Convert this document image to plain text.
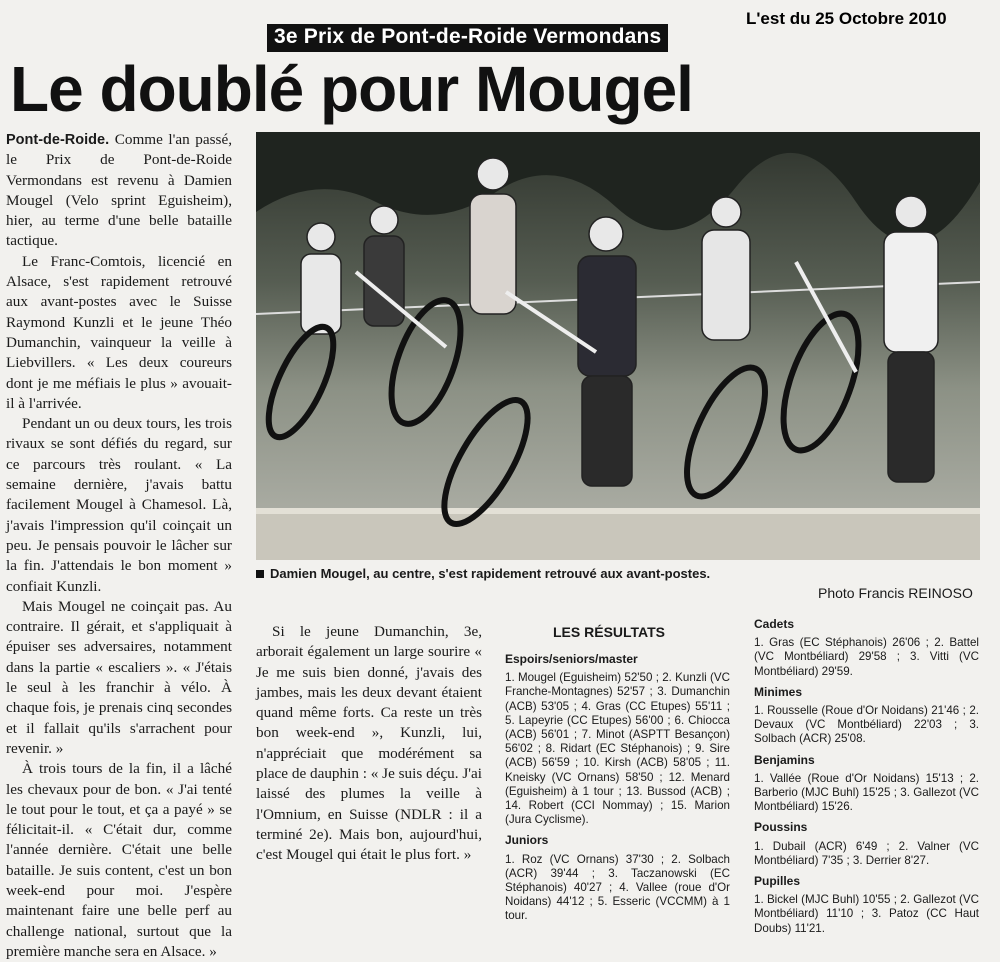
L'est du 25 Octobre 2010
3e Prix de Pont-de-Roide Vermondans
Le doublé pour Mougel

Pont-de-Roide. Comme l'an passé, le Prix de Pont-de-Roide Vermondans est revenu à Damien Mougel (Velo sprint Eguisheim), hier, au terme d'une belle bataille tactique.

Le Franc-Comtois, licencié en Alsace, s'est rapidement retrouvé aux avant-postes avec le Suisse Raymond Kunzli et le jeune Théo Dumanchin, vainqueur la veille à Liebvillers. « Les deux coureurs dont je me méfiais le plus » avouait-il à l'arrivée.

Pendant un ou deux tours, les trois rivaux se sont défiés du regard, sur ce parcours très roulant. « La semaine dernière, j'avais battu facilement Mougel à Chamesol. Là, j'avais l'impression qu'il coinçait un peu. Je pensais pouvoir le lâcher sur la fin. J'attendais le bon moment » confiait Kunzli.

Mais Mougel ne coinçait pas. Au contraire. Il gérait, et s'appliquait à épuiser ses adversaires, notamment dans la partie « escaliers ». « J'étais le seul à les franchir à vélo. À chaque fois, je prenais cinq secondes et il fallait qu'ils s'arrachent pour revenir. »

À trois tours de la fin, il a lâché les chevaux pour de bon. « J'ai tenté le tout pour le tout, et ça a payé » se félicitait-il. « C'était dur, comme l'année dernière. C'était une belle bataille. Je suis content, c'est un bon week-end pour moi. J'espère maintenant faire une belle perf au challenge national, surtout que la première manche sera en Alsace. »

Si le jeune Dumanchin, 3e, arborait également un large sourire « Je me suis bien donné, j'avais des jambes, mais les deux devant étaient quand même forts. Ca reste un très bon week-end », Kunzli, lui, n'appréciait que modérément sa place de dauphin : « Je suis déçu. J'ai laissé des plumes la veille à l'Omnium, en Suisse (NDLR : il a terminé 2e). Mais bon, aujourd'hui, c'est Mougel qui était le plus fort. »

Damien Mougel, au centre, s'est rapidement retrouvé aux avant-postes.
Photo Francis REINOSO
LES RÉSULTATS
Espoirs/seniors/master
1. Mougel (Eguisheim) 52'50 ; 2. Kunzli (VC Franche-Montagnes) 52'57 ; 3. Dumanchin (ACB) 53'05 ; 4. Gras (CC Etupes) 55'11 ; 5. Lapeyrie (CC Etupes) 56'00 ; 6. Chiocca (ACB) 56'01 ; 7. Minot (ASPTT Besançon) 56'02 ; 8. Ridart (EC Stéphanois) ; 9. Sire (ACB) 56'59 ; 10. Kirsh (ACB) 58'05 ; 11. Kneisky (VC Ornans) 58'50 ; 12. Menard (Eguisheim) à 1 tour ; 13. Bussod (ACB) ; 14. Robert (CCI Nommay) ; 15. Marion (Jura Cyclisme).
Juniors
1. Roz (VC Ornans) 37'30 ; 2. Solbach (ACR) 39'44 ; 3. Taczanowski (EC Stéphanois) 40'27 ; 4. Vallee (roue d'Or Noidans) 44'12 ; 5. Esseric (VCCMM) à 1 tour.
Cadets
1. Gras (EC Stéphanois) 26'06 ; 2. Battel (VC Montbéliard) 29'58 ; 3. Vitti (VC Montbéliard) 29'59.
Minimes
1. Rousselle (Roue d'Or Noidans) 21'46 ; 2. Devaux (VC Montbéliard) 22'03 ; 3. Solbach (ACR) 25'08.
Benjamins
1. Vallée (Roue d'Or Noidans) 15'13 ; 2. Barberio (MJC Buhl) 15'25 ; 3. Gallezot (VC Montbéliard) 15'26.
Poussins
1. Dubail (ACR) 6'49 ; 2. Valner (VC Montbéliard) 7'35 ; 3. Derrier 8'27.
Pupilles
1. Bickel (MJC Buhl) 10'55 ; 2. Gallezot (VC Montbéliard) 11'10 ; 3. Patoz (CC Haut Doubs) 11'21.
